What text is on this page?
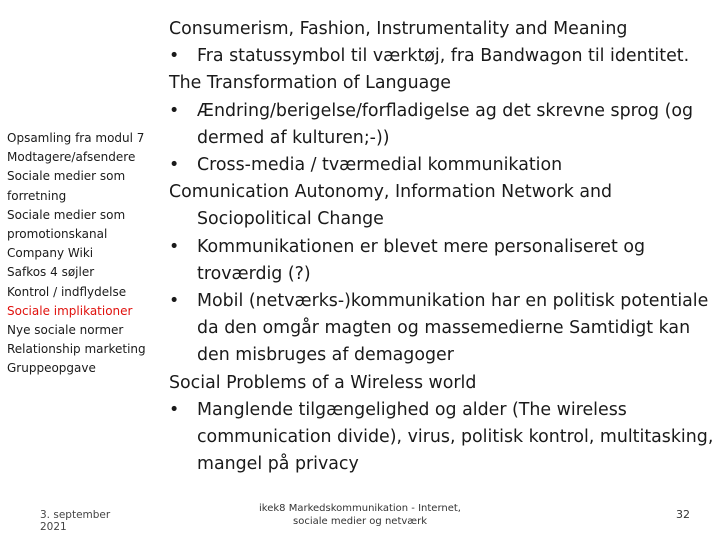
Opsamling fra modul 7
Modtagere/afsendere
Sociale medier som forretning
Sociale medier som promotionskanal
Company Wiki
Safkos 4 søjler
Kontrol / indflydelse
Sociale implikationer
Nye sociale normer
Relationship marketing
Gruppeopgave

Consumerism, Fashion, Instrumentality and Meaning

• Fra statussymbol til værktøj, fra Bandwagon til identitet.

The Transformation of Language

• Ændring/berigelse/forfladigelse ag det skrevne sprog (og dermed af kulturen;-))
• Cross-media / tværmedial kommunikation
Comunication Autonomy, Information Network and Sociopolitical Change
• Kommunikationen er blevet mere personaliseret og troværdig (?)
• Mobil (netværks-)kommunikation har en politisk potentiale da den omgår magten og massemedierne Samtidigt kan den misbruges af demagoger

Social Problems of a Wireless world

• Manglende tilgængelighed og alder (The wireless communication divide), virus, politisk kontrol, multitasking, mangel på privacy
3. september 2021
ikek8 Markedskommunikation - Internet, sociale medier og netværk
32
